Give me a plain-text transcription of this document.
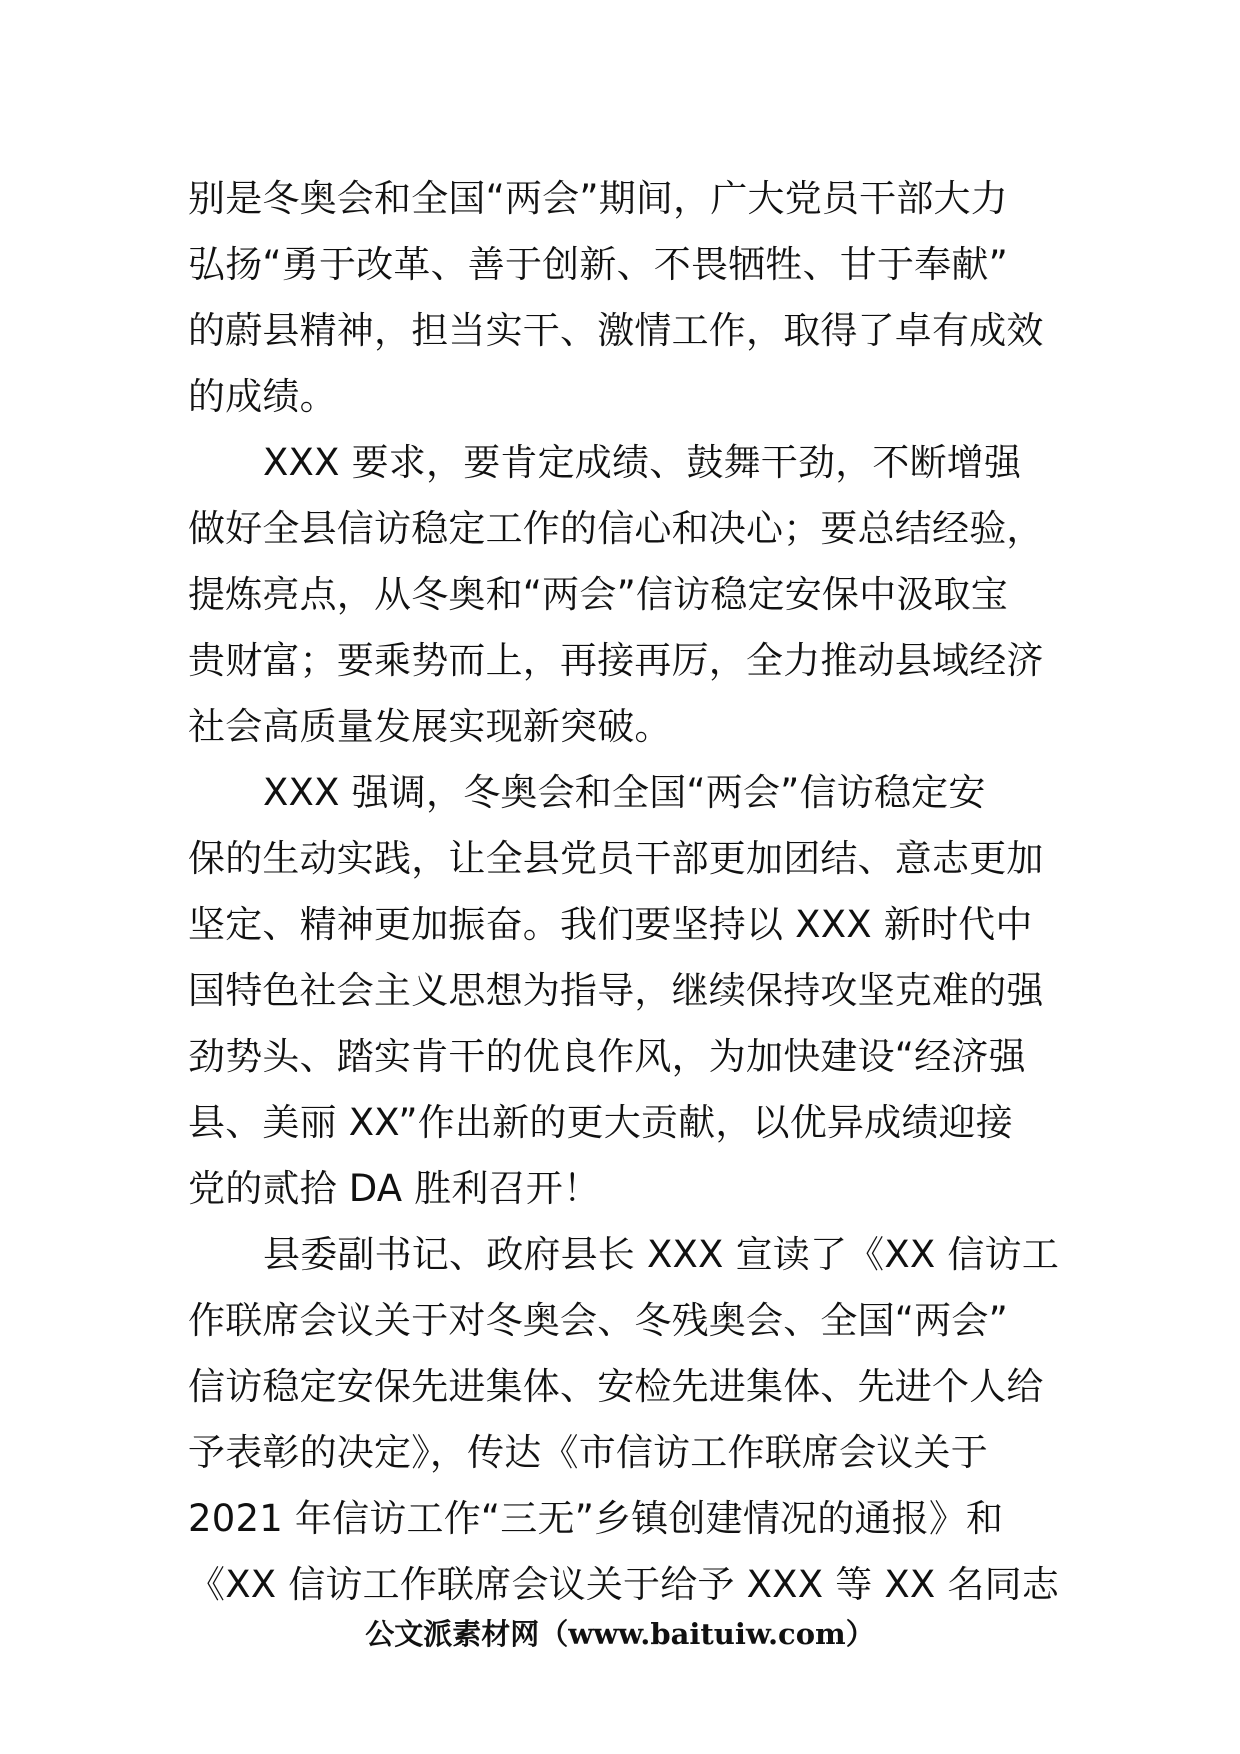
别是冬奥会和全国“两会”期间，广大党员干部大力
弘扬“勇于改革、善于创新、不畏牺牲、甘于奉献”
的蔚县精神，担当实干、激情工作，取得了卓有成效
的成绩。
XXX 要求，要肯定成绩、鼓舞干劲，不断增强
做好全县信访稳定工作的信心和决心；要总结经验，
提炼亮点，从冬奥和“两会”信访稳定安保中汲取宝
贵财富；要乘势而上，再接再厉，全力推动县域经济
社会高质量发展实现新突破。
XXX 强调，冬奥会和全国“两会”信访稳定安
保的生动实践，让全县党员干部更加团结、意志更加
坚定、精神更加振奋。我们要坚持以 XXX 新时代中
国特色社会主义思想为指导，继续保持攻坚克难的强
劲势头、踏实肯干的优良作风，为加快建设“经济强
县、美丽 XX”作出新的更大贡献，以优异成绩迎接
党的贰拾 DA 胜利召开！
县委副书记、政府县长 XXX 宣读了《XX 信访工
作联席会议关于对冬奥会、冬残奥会、全国“两会”
信访稳定安保先进集体、安检先进集体、先进个人给
予表彰的决定》，传达《市信访工作联席会议关于
2021 年信访工作“三无”乡镇创建情况的通报》和
《XX 信访工作联席会议关于给予 XXX 等 XX 名同志
公文派素材网（www.baituiw.com）
